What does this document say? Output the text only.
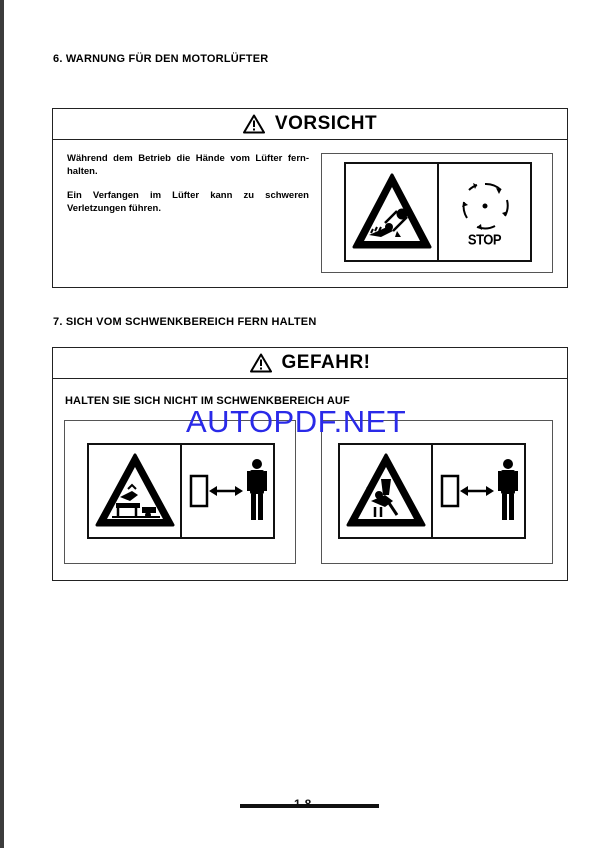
6. WARNUNG FÜR DEN MOTORLÜFTER
VORSICHT
Während dem Betrieb die Hände vom Lüfter fern-halten.
Ein Verfangen im Lüfter kann zu schweren Verletzungen führen.
STOP
7. SICH VOM SCHWENKBEREICH FERN HALTEN
GEFAHR!
HALTEN SIE SICH NICHT IM SCHWENKBEREICH AUF
AUTOPDF.NET
1-8
